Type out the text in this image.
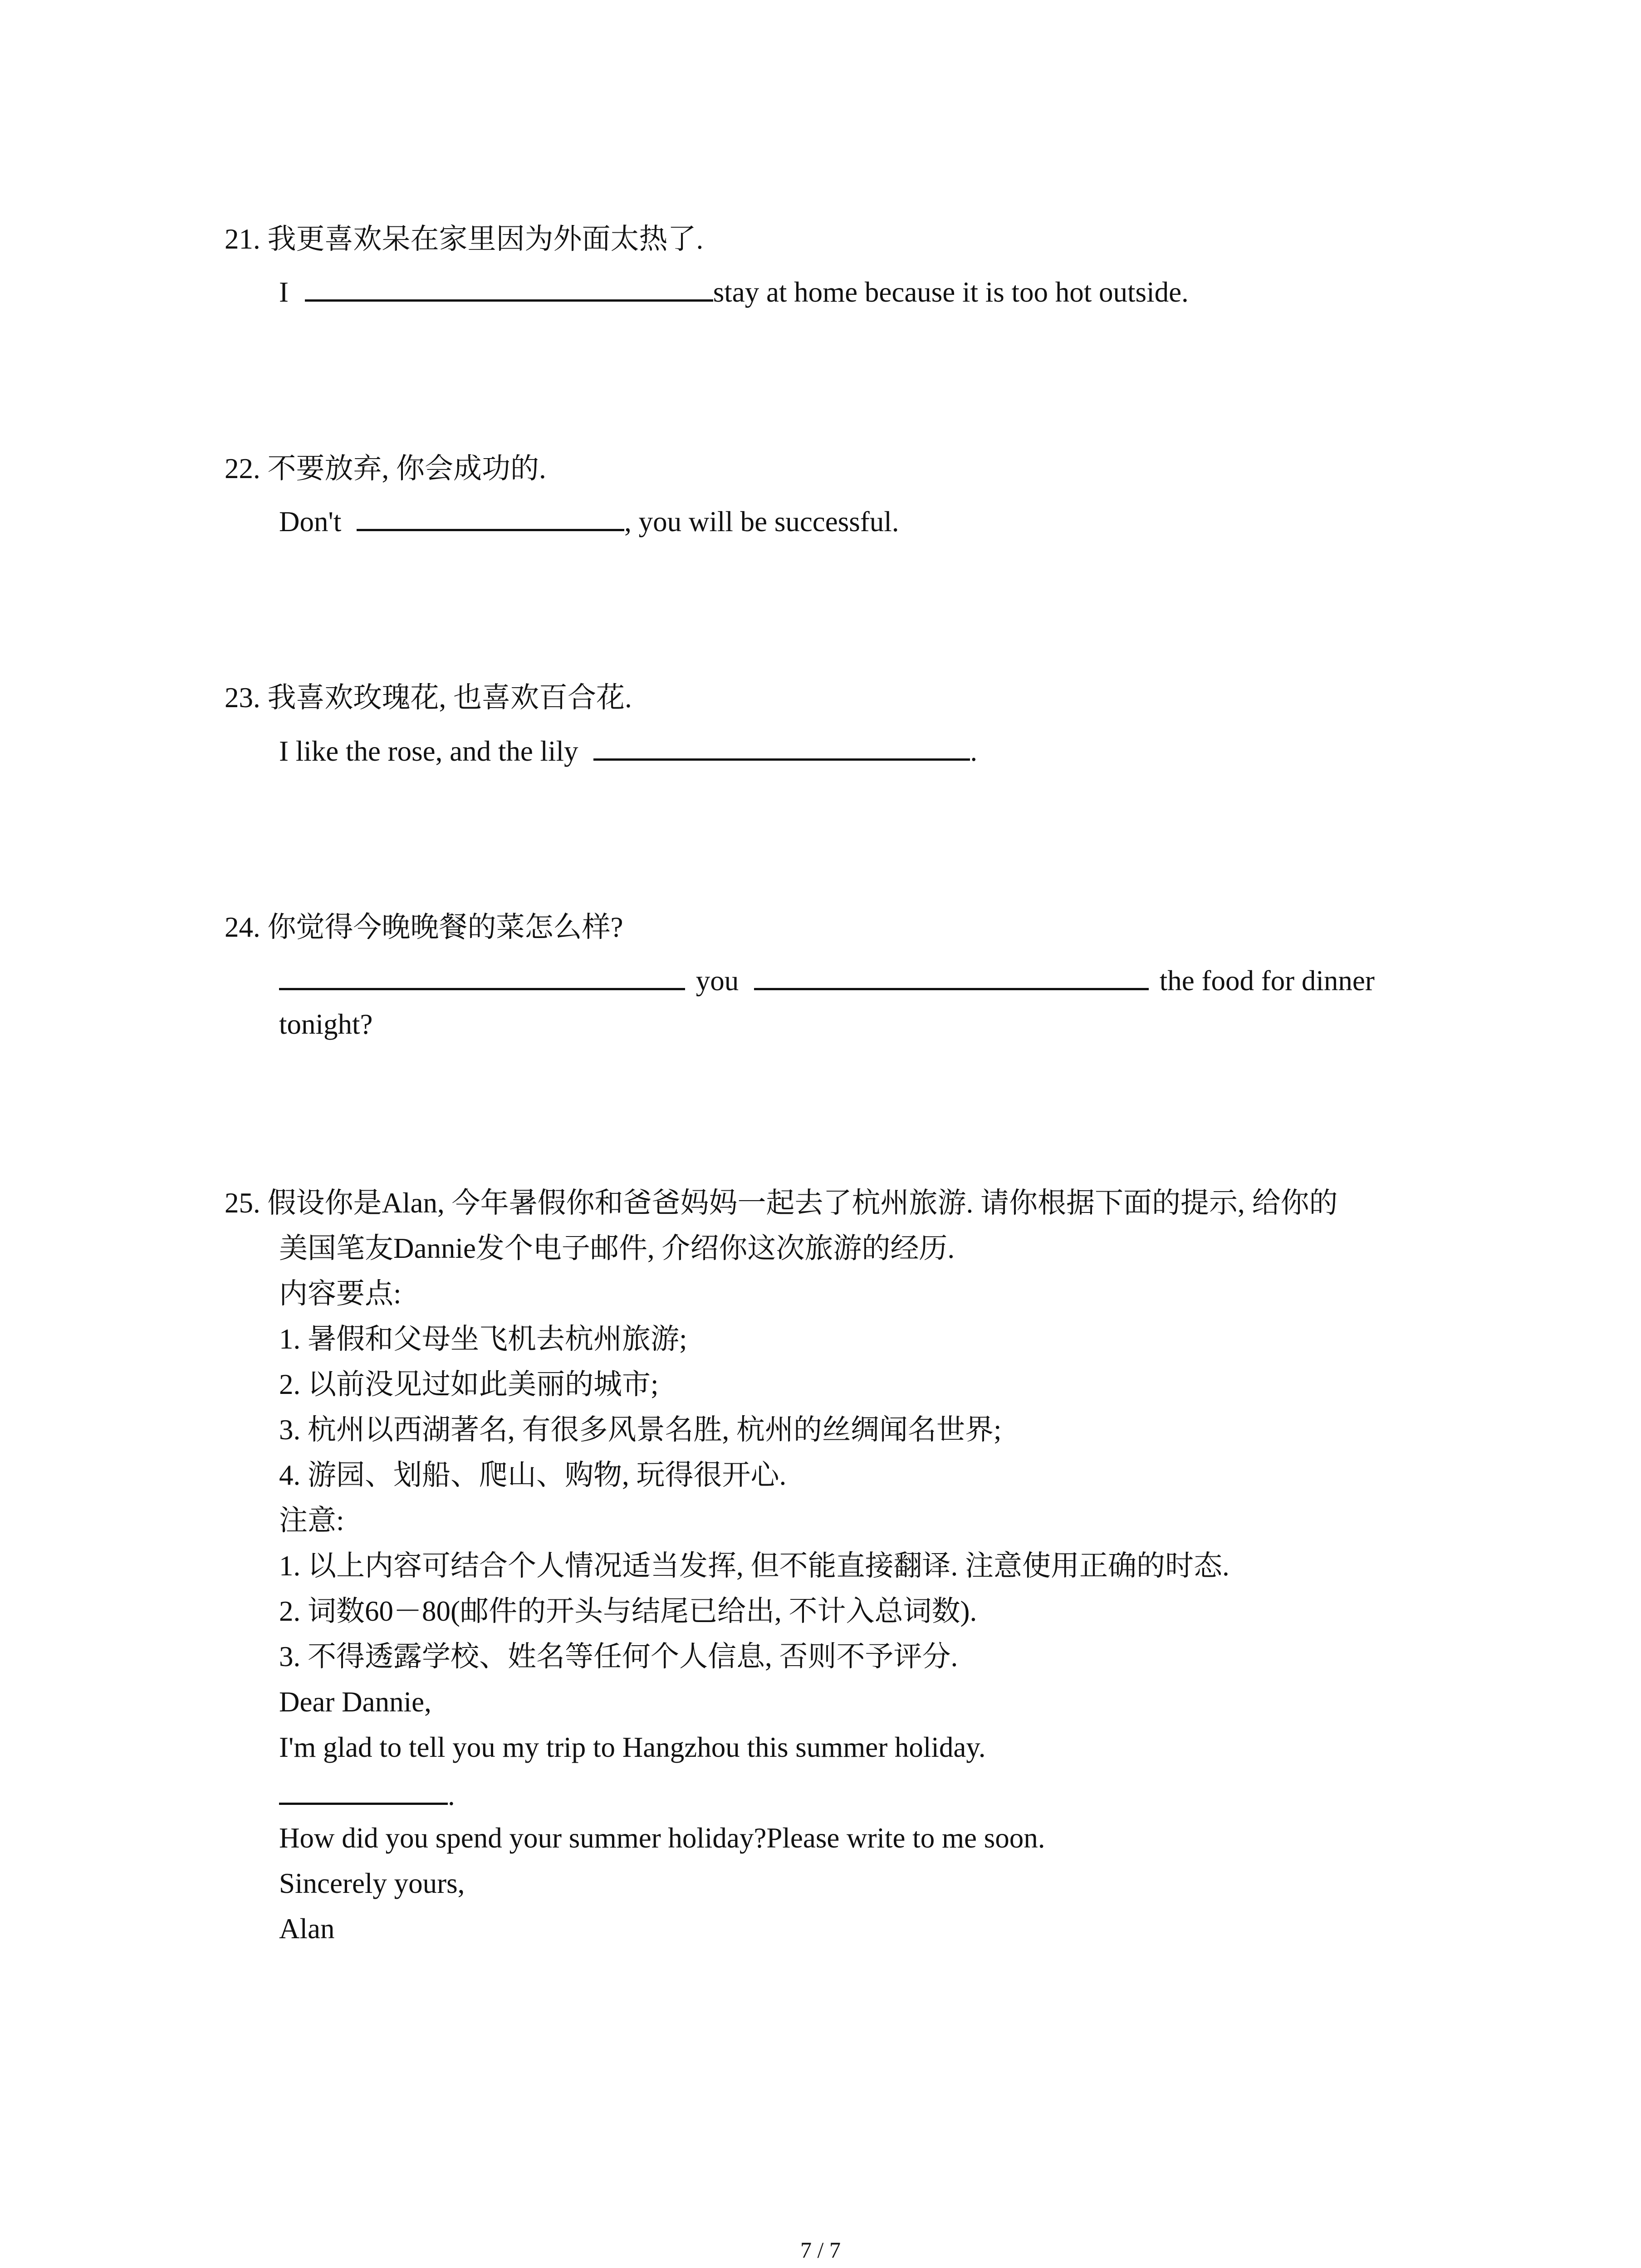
21. 我更喜欢呆在家里因为外面太热了.
I	stay at home because it is too hot outside.
22. 不要放弃, 你会成功的.
Don't	, you will be successful.
23. 我喜欢玫瑰花, 也喜欢百合花.
I like the rose, and the lily	.
24. 你觉得今晚晚餐的菜怎么样?
you	the food for dinner
tonight?
25. 假设你是Alan, 今年暑假你和爸爸妈妈一起去了杭州旅游. 请你根据下面的提示, 给你的
美国笔友Dannie发个电子邮件, 介绍你这次旅游的经历.
内容要点:
1. 暑假和父母坐飞机去杭州旅游;
2. 以前没见过如此美丽的城市;
3. 杭州以西湖著名, 有很多风景名胜, 杭州的丝绸闻名世界;
4. 游园、划船、爬山、购物, 玩得很开心.
注意:
1. 以上内容可结合个人情况适当发挥, 但不能直接翻译. 注意使用正确的时态.
2. 词数60－80(邮件的开头与结尾已给出, 不计入总词数).
3. 不得透露学校、姓名等任何个人信息, 否则不予评分.
Dear Dannie,
I'm glad to tell you my trip to Hangzhou this summer holiday.
.
How did you spend your summer holiday?Please write to me soon.
Sincerely yours,
Alan
7 / 7
